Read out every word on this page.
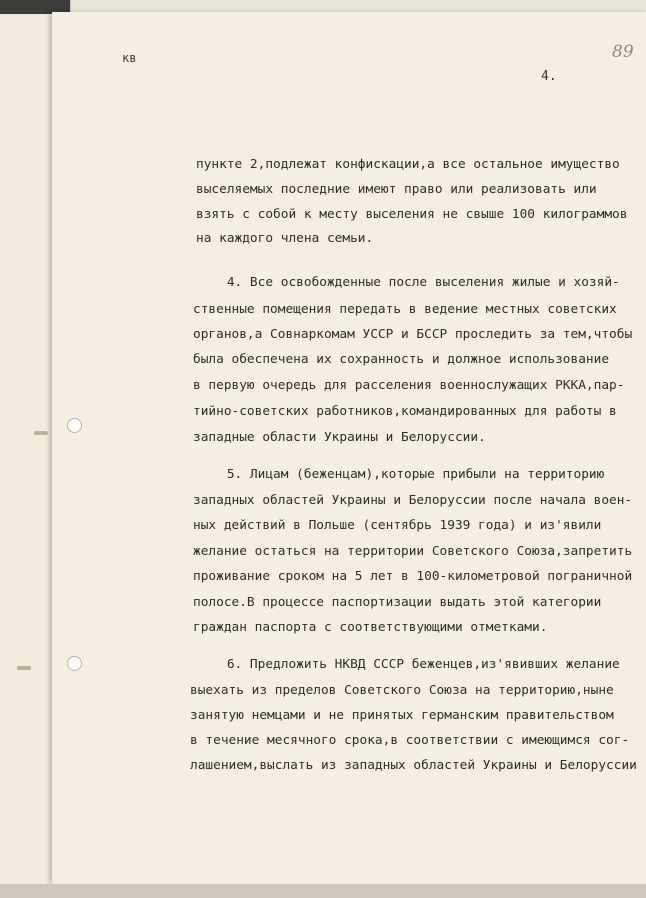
кв
4.
89
пункте 2,подлежат конфискации,а все остальное имущество
выселяемых последние имеют право или реализовать или
взять с собой к месту выселения не свыше 100 килограммов
на каждого члена семьи.
4. Все освобожденные после выселения жилые и хозяй-
ственные помещения передать в ведение местных советских
органов,а Совнаркомам УССР и БССР проследить за тем,чтобы
была обеспечена их сохранность и должное использование
в первую очередь для расселения военнослужащих РККА,пар-
тийно-советских работников,командированных для работы в
западные области Украины и Белоруссии.
5. Лицам (беженцам),которые прибыли на территорию
западных областей Украины и Белоруссии после начала воен-
ных действий в Польше (сентябрь 1939 года) и из'явили
желание остаться на территории Советского Союза,запретить
проживание сроком на 5 лет в 100-километровой пограничной
полосе.В процессе паспортизации выдать этой категории
граждан паспорта с соответствующими отметками.
6. Предложить НКВД СССР беженцев,из'явивших желание
выехать из пределов Советского Союза на территорию,ныне
занятую немцами и не принятых германским правительством
в течение месячного срока,в соответствии с имеющимся сог-
лашением,выслать из западных областей Украины и Белоруссии
